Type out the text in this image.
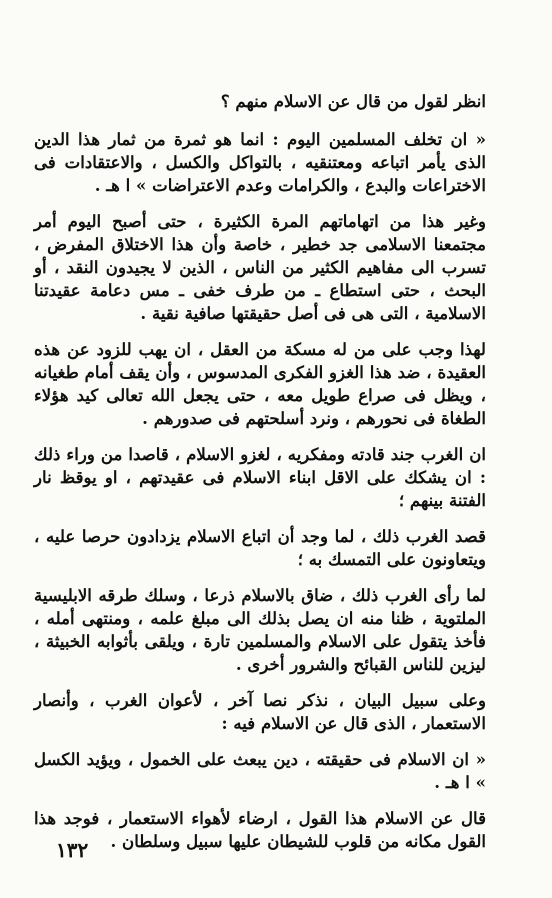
انظر لقول من قال عن الاسلام منهم ؟

« ان تخلف المسلمين اليوم : انما هو ثمرة من ثمار هذا الدين الذى يأمر اتباعه ومعتنقيه ، بالتواكل والكسل ، والاعتقادات فى الاختراعات والبدع ، والكرامات وعدم الاعتراضات » ا هـ .

وغير هذا من اتهاماتهم المرة الكثيرة ، حتى أصبح اليوم أمر مجتمعنا الاسلامى جد خطير ، خاصة وأن هذا الاختلاق المفرض ، تسرب الى مفاهيم الكثير من الناس ، الذين لا يجيدون النقد ، أو البحث ، حتى استطاع ـ من طرف خفى ـ مس دعامة عقيدتنا الاسلامية ، التى هى فى أصل حقيقتها صافية نقية .

لهذا وجب على من له مسكة من العقل ، ان يهب للزود عن هذه العقيدة ، ضد هذا الغزو الفكرى المدسوس ، وأن يقف أمام طغيانه ، ويظل فى صراع طويل معه ، حتى يجعل الله تعالى كيد هؤلاء الطغاة فى نحورهم ، ونرد أسلحتهم فى صدورهم .

ان الغرب جند قادته ومفكريه ، لغزو الاسلام ، قاصدا من وراء ذلك : ان يشكك على الاقل ابناء الاسلام فى عقيدتهم ، او يوقظ نار الفتنة بينهم ؛

قصد الغرب ذلك ، لما وجد أن اتباع الاسلام يزدادون حرصا عليه ، ويتعاونون على التمسك به ؛

لما رأى الغرب ذلك ، ضاق بالاسلام ذرعا ، وسلك طرقه الابليسية الملتوية ، ظنا منه ان يصل بذلك الى مبلغ علمه ، ومنتهى أمله ، فأخذ يتقول على الاسلام والمسلمين تارة ، ويلقى بأثوابه الخبيثة ، ليزين للناس القبائح والشرور أخرى .

وعلى سبيل البيان ، نذكر نصا آخر ، لأعوان الغرب ، وأنصار الاستعمار ، الذى قال عن الاسلام فيه :

« ان الاسلام فى حقيقته ، دين يبعث على الخمول ، ويؤيد الكسل » ا هـ .

قال عن الاسلام هذا القول ، ارضاء لأهواء الاستعمار ، فوجد هذا القول مكانه من قلوب للشيطان عليها سبيل وسلطان .

١٣٢
